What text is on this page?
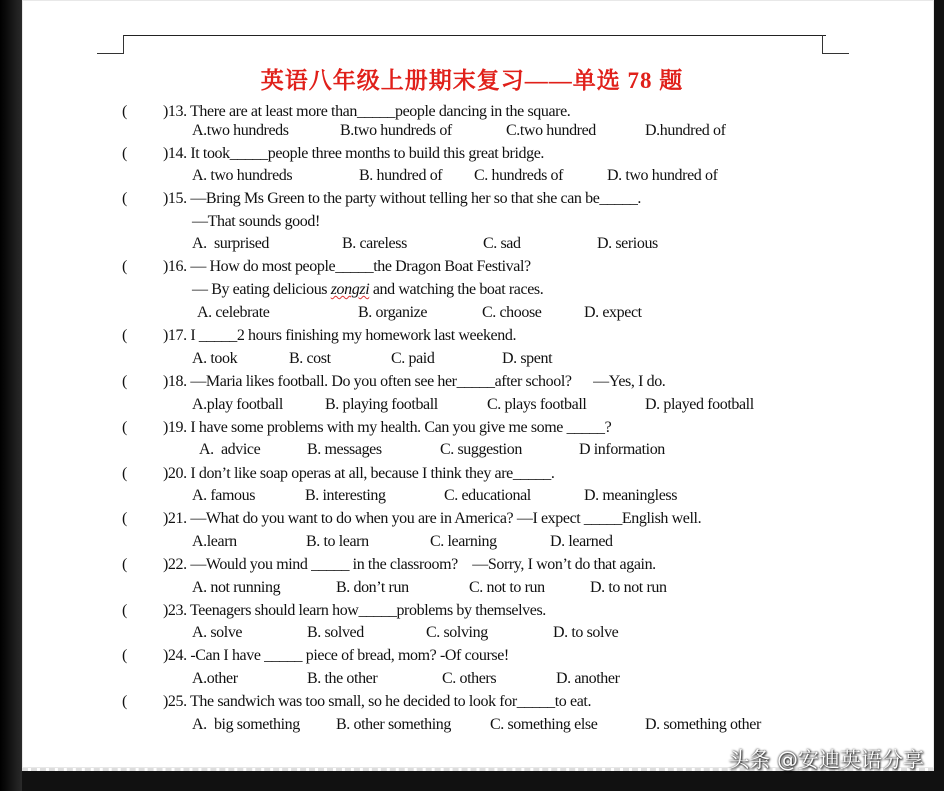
英语八年级上册期末复习——单选 78 题
( )13. There are at least more than_____people dancing in the square.
A.two hundreds	B.two hundreds of	C.two hundred	D.hundred of
( )14. It took_____people three months to build this great bridge.
A. two hundreds	B. hundred of C. hundreds of	D. two hundred of
( )15. —Bring Ms Green to the party without telling her so that she can be_____.
—That sounds good!
A.  surprised	B. careless	C. sad	D. serious
( )16. — How do most people_____the Dragon Boat Festival?
— By eating delicious zongzi and watching the boat races.
A. celebrate	B. organize	C. choose	D. expect
( )17. I _____2 hours finishing my homework last weekend.
A. took	B. cost	C. paid	D. spent
( )18. —Maria likes football. Do you often see her_____after school?      —Yes, I do.
A.play football	B. playing football	C. plays football	D. played football
( )19. I have some problems with my health. Can you give me some _____?
A.  advice	B. messages	C. suggestion	D information
( )20. I don’t like soap operas at all, because I think they are_____.
A. famous	B. interesting	C. educational	D. meaningless
( )21. —What do you want to do when you are in America? —I expect _____English well.
A.learn	B. to learn	C. learning	D. learned
( )22. —Would you mind _____ in the classroom?    —Sorry, I won’t do that again.
A. not running	B. don’t run	C. not to run	D. to not run
( )23. Teenagers should learn how_____problems by themselves.
A. solve	B. solved	C. solving	D. to solve
( )24. -Can I have _____ piece of bread, mom? -Of course!
A.other	B. the other	C. others	D. another
( )25. The sandwich was too small, so he decided to look for_____to eat.
A.  big something B. other something C. something else	D. something other
头条 @安迪英语分享
